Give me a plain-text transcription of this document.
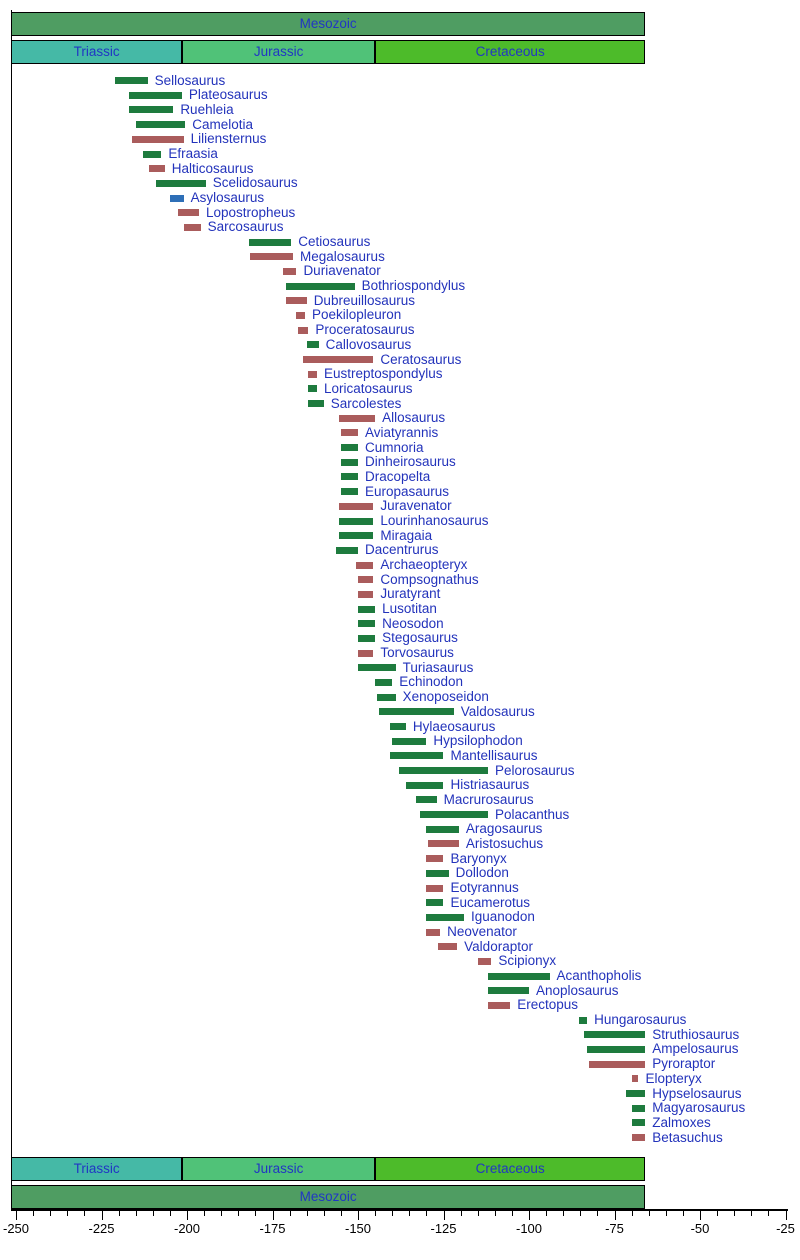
Mesozoic
Triassic	Jurassic	Cretaceous
Triassic	Jurassic	Cretaceous
Mesozoic
Sellosaurus
Plateosaurus
Ruehleia
Camelotia
Liliensternus
Efraasia
Halticosaurus
Scelidosaurus
Asylosaurus
Lopostropheus
Sarcosaurus
Cetiosaurus
Megalosaurus
Duriavenator
Bothriospondylus
Dubreuillosaurus
Poekilopleuron
Proceratosaurus
Callovosaurus
Ceratosaurus
Eustreptospondylus
Loricatosaurus
Sarcolestes
Allosaurus
Aviatyrannis
Cumnoria
Dinheirosaurus
Dracopelta
Europasaurus
Juravenator
Lourinhanosaurus
Miragaia
Dacentrurus
Archaeopteryx
Compsognathus
Juratyrant
Lusotitan
Neosodon
Stegosaurus
Torvosaurus
Turiasaurus
Echinodon
Xenoposeidon
Valdosaurus
Hylaeosaurus
Hypsilophodon
Mantellisaurus
Pelorosaurus
Histriasaurus
Macrurosaurus
Polacanthus
Aragosaurus
Aristosuchus
Baryonyx
Dollodon
Eotyrannus
Eucamerotus
Iguanodon
Neovenator
Valdoraptor
Scipionyx
Acanthopholis
Anoplosaurus
Erectopus
Hungarosaurus
Struthiosaurus
Ampelosaurus
Pyroraptor
Elopteryx
Hypselosaurus
Magyarosaurus
Zalmoxes
Betasuchus
-250	-225	-200	-175	-150	-125	-100	-75	-50	-25
